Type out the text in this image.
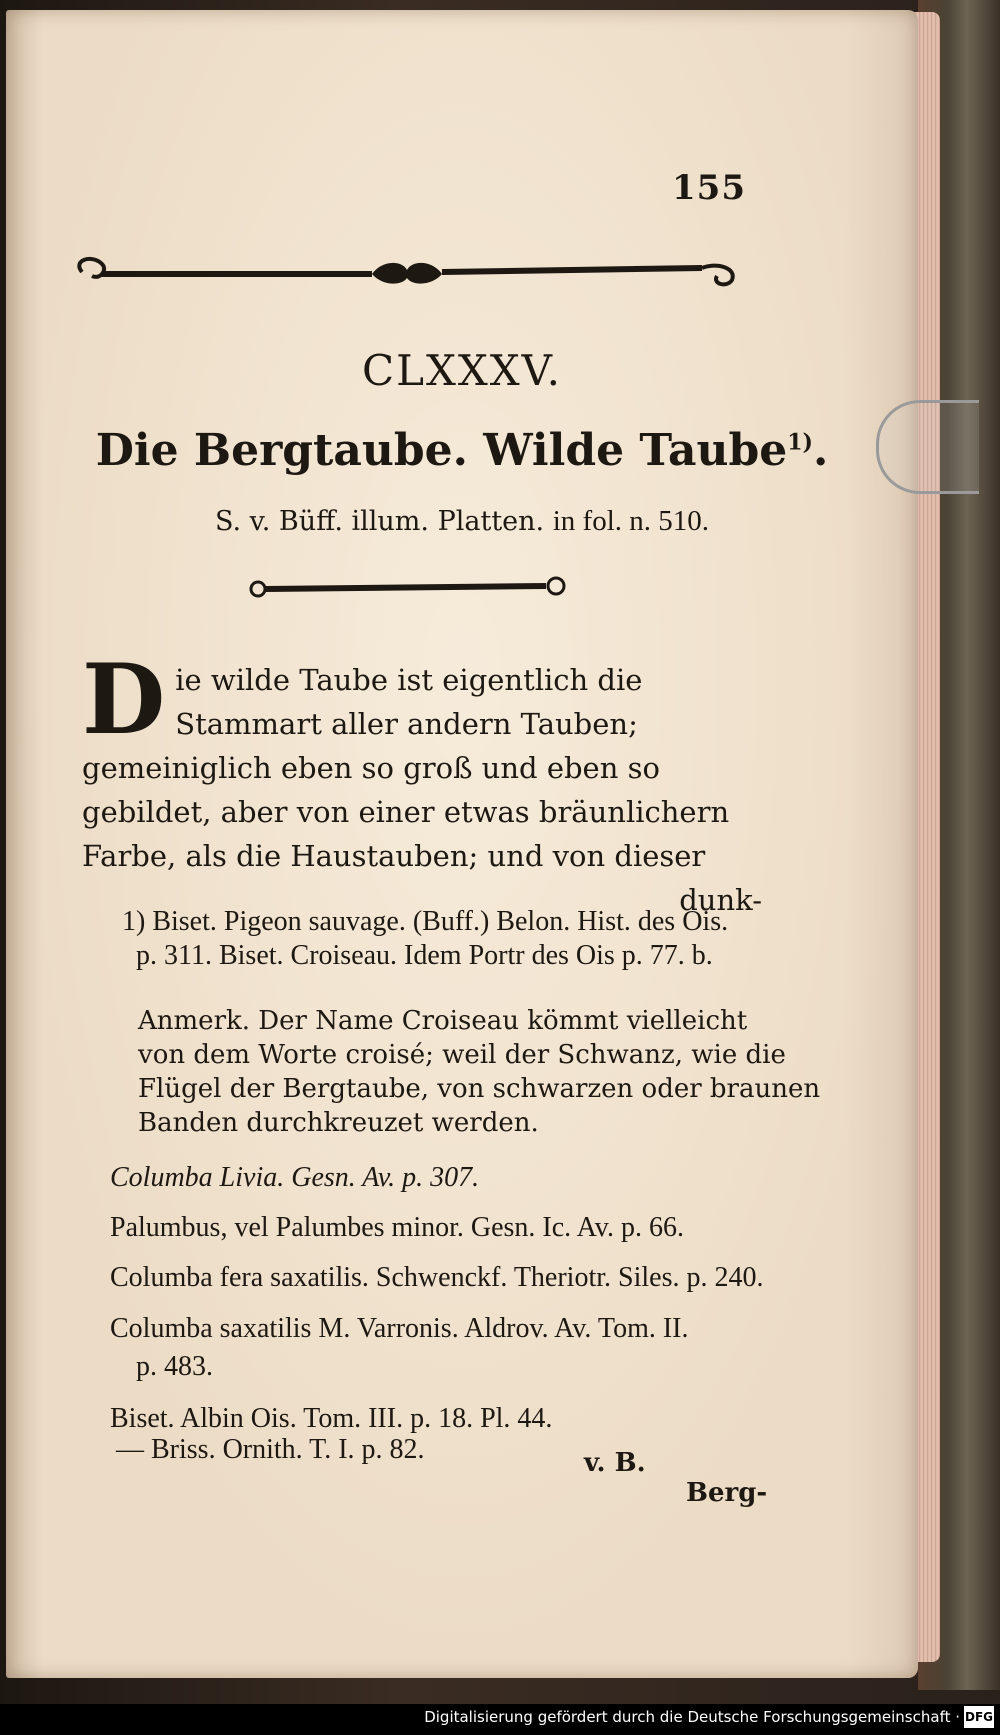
155
CLXXXV.
Die Bergtaube. Wilde Taube$^{1)}$.
S. v. Büff. illum. Platten. in fol. n. 510.
Die wilde Taube ist eigentlich die Stammart aller andern Tauben; gemeiniglich eben so groß und eben so gebildet, aber von einer etwas bräunlichern Farbe, als die Haustauben; und von dieser
dunk-
1) Biset. Pigeon sauvage. (Buff.) Belon. Hist. des Ois.
p. 311. Biset. Croiseau. Idem Portr des Ois p. 77. b.
Anmerk. Der Name Croiseau kömmt vielleicht
von dem Worte croisé; weil der Schwanz, wie die
Flügel der Bergtaube, von schwarzen oder braunen
Banden durchkreuzet werden.
Columba Livia. Gesn. Av. p. 307.
Palumbus, vel Palumbes minor. Gesn. Ic. Av. p. 66.
Columba fera saxatilis. Schwenckf. Theriotr. Siles. p. 240.
Columba saxatilis M. Varronis. Aldrov. Av. Tom. II.
p. 483.
Biset. Albin Ois. Tom. III. p. 18. Pl. 44.
— Briss. Ornith. T. I. p. 82.	v. B.
Berg-
Digitalisierung gefördert durch die Deutsche Forschungsgemeinschaft · DFG
